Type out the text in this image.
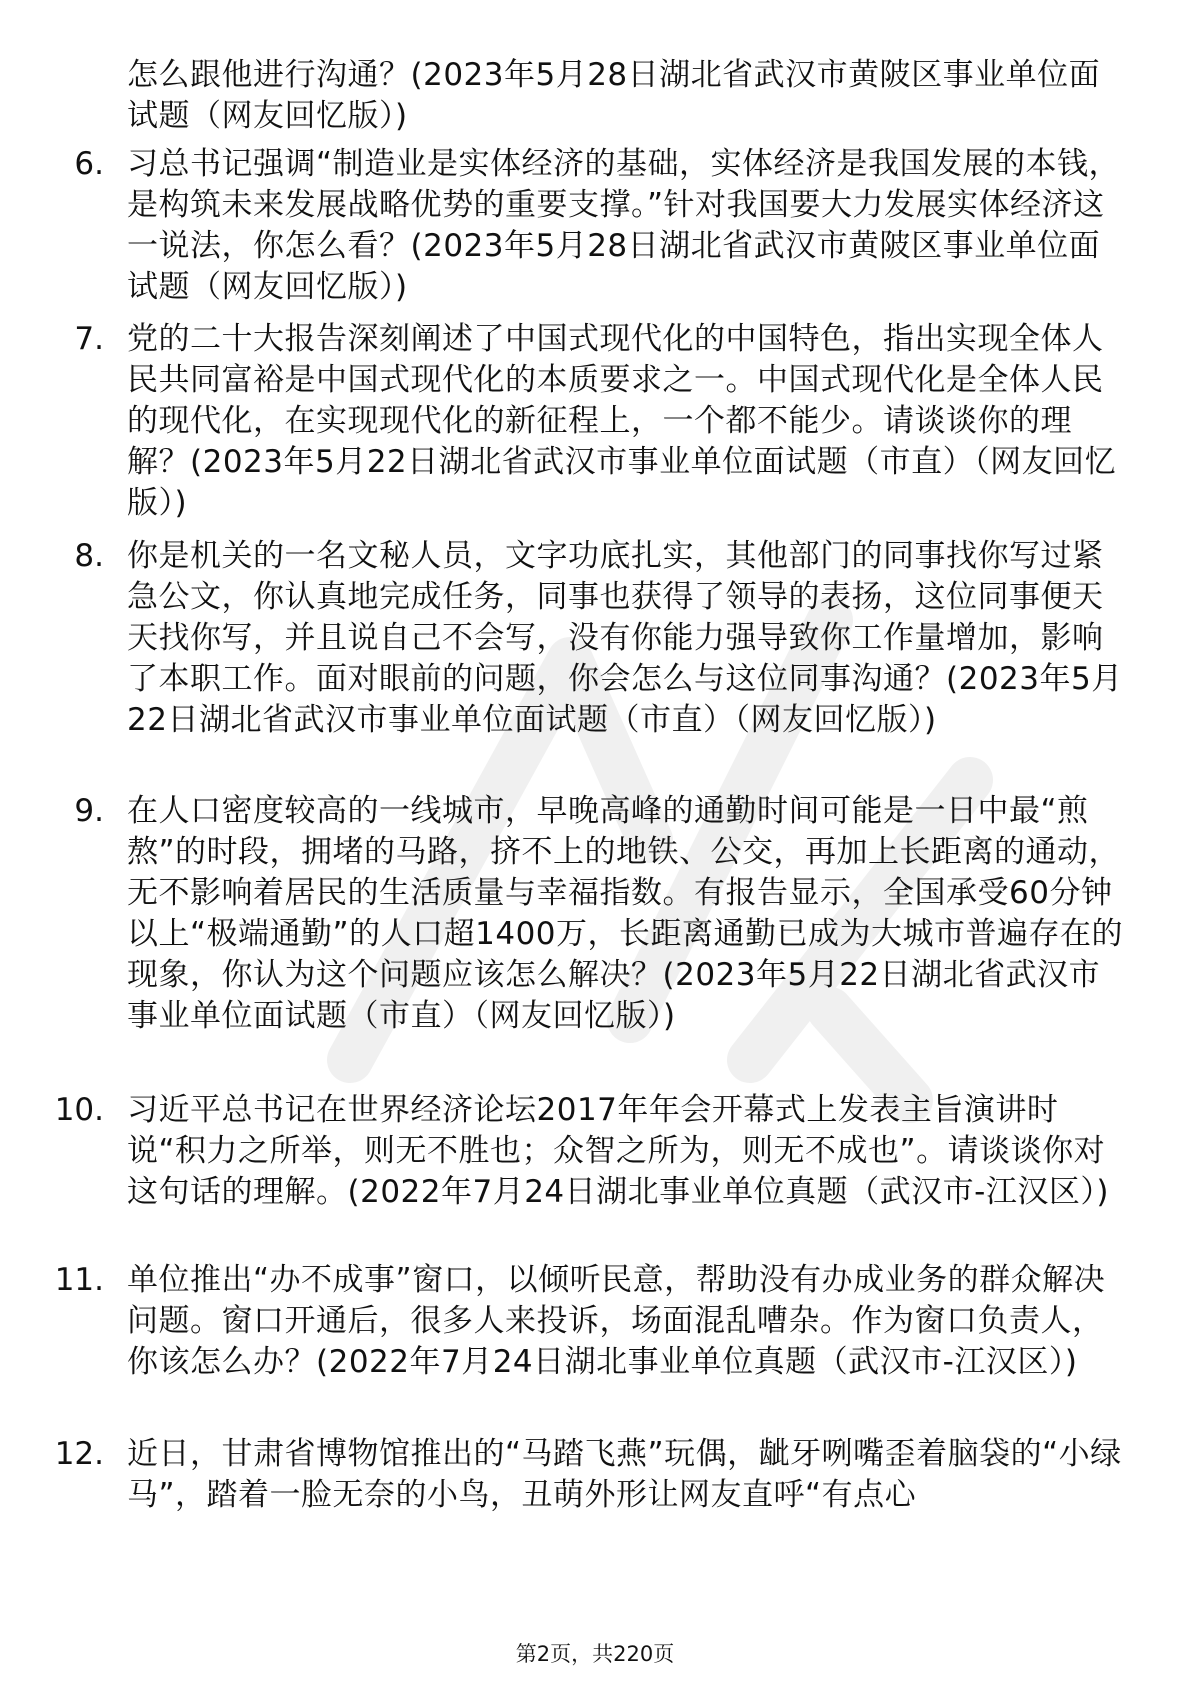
怎么跟他进行沟通？(2023年5月28日湖北省武汉市黄陂区事业单位面试题（网友回忆版）)
6. 习总书记强调“制造业是实体经济的基础，实体经济是我国发展的本钱，是构筑未来发展战略优势的重要支撑。”针对我国要大力发展实体经济这一说法，你怎么看？(2023年5月28日湖北省武汉市黄陂区事业单位面试题（网友回忆版）)
7. 党的二十大报告深刻阐述了中国式现代化的中国特色，指出实现全体人民共同富裕是中国式现代化的本质要求之一。中国式现代化是全体人民的现代化，在实现现代化的新征程上，一个都不能少。请谈谈你的理解？(2023年5月22日湖北省武汉市事业单位面试题（市直）（网友回忆版）)
8. 你是机关的一名文秘人员，文字功底扎实，其他部门的同事找你写过紧急公文，你认真地完成任务，同事也获得了领导的表扬，这位同事便天天找你写，并且说自己不会写，没有你能力强导致你工作量增加，影响了本职工作。面对眼前的问题，你会怎么与这位同事沟通？(2023年5月22日湖北省武汉市事业单位面试题（市直）（网友回忆版）)
9. 在人口密度较高的一线城市，早晚高峰的通勤时间可能是一日中最“煎熬”的时段，拥堵的马路，挤不上的地铁、公交，再加上长距离的通动，无不影响着居民的生活质量与幸福指数。有报告显示，全国承受60分钟以上“极端通勤”的人口超1400万，长距离通勤已成为大城市普遍存在的现象，你认为这个问题应该怎么解决？(2023年5月22日湖北省武汉市事业单位面试题（市直）（网友回忆版）)
10. 习近平总书记在世界经济论坛2017年年会开幕式上发表主旨演讲时说“积力之所举，则无不胜也；众智之所为，则无不成也”。请谈谈你对这句话的理解。(2022年7月24日湖北事业单位真题（武汉市-江汉区）)
11. 单位推出“办不成事”窗口，以倾听民意，帮助没有办成业务的群众解决问题。窗口开通后，很多人来投诉，场面混乱嘈杂。作为窗口负责人，你该怎么办？(2022年7月24日湖北事业单位真题（武汉市-江汉区）)
12. 近日，甘肃省博物馆推出的“马踏飞燕”玩偶，龇牙咧嘴歪着脑袋的“小绿马”，踏着一脸无奈的小鸟，丑萌外形让网友直呼“有点心
第2页，共220页
